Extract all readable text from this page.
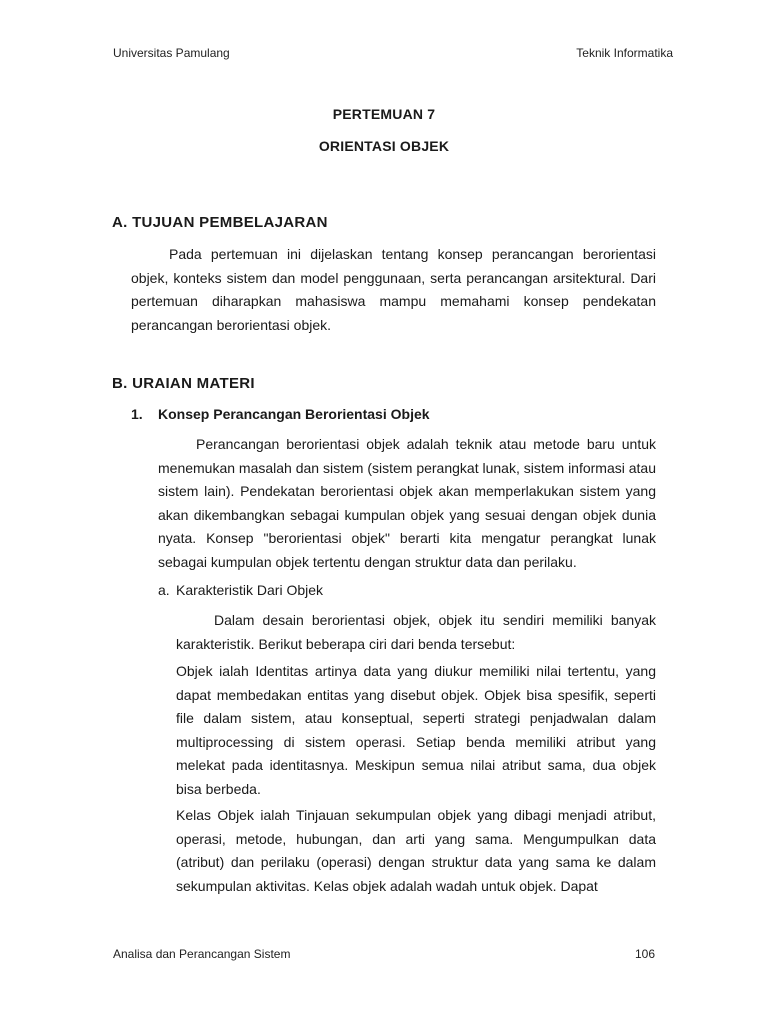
Universitas Pamulang	Teknik Informatika
PERTEMUAN 7
ORIENTASI OBJEK
A. TUJUAN PEMBELAJARAN

Pada pertemuan ini dijelaskan tentang konsep perancangan berorientasi objek, konteks sistem dan model penggunaan, serta perancangan arsitektural. Dari pertemuan diharapkan mahasiswa mampu memahami konsep pendekatan perancangan berorientasi objek.

B. URAIAN MATERI
1. Konsep Perancangan Berorientasi Objek

Perancangan berorientasi objek adalah teknik atau metode baru untuk menemukan masalah dan sistem (sistem perangkat lunak, sistem informasi atau sistem lain). Pendekatan berorientasi objek akan memperlakukan sistem yang akan dikembangkan sebagai kumpulan objek yang sesuai dengan objek dunia nyata. Konsep "berorientasi objek" berarti kita mengatur perangkat lunak sebagai kumpulan objek tertentu dengan struktur data dan perilaku.

a. Karakteristik Dari Objek

Dalam desain berorientasi objek, objek itu sendiri memiliki banyak karakteristik. Berikut beberapa ciri dari benda tersebut:

Objek ialah Identitas artinya data yang diukur memiliki nilai tertentu, yang dapat membedakan entitas yang disebut objek. Objek bisa spesifik, seperti file dalam sistem, atau konseptual, seperti strategi penjadwalan dalam multiprocessing di sistem operasi. Setiap benda memiliki atribut yang melekat pada identitasnya. Meskipun semua nilai atribut sama, dua objek bisa berbeda.

Kelas Objek ialah Tinjauan sekumpulan objek yang dibagi menjadi atribut, operasi, metode, hubungan, dan arti yang sama. Mengumpulkan data (atribut) dan perilaku (operasi) dengan struktur data yang sama ke dalam sekumpulan aktivitas. Kelas objek adalah wadah untuk objek. Dapat

Analisa dan Perancangan Sistem	106
